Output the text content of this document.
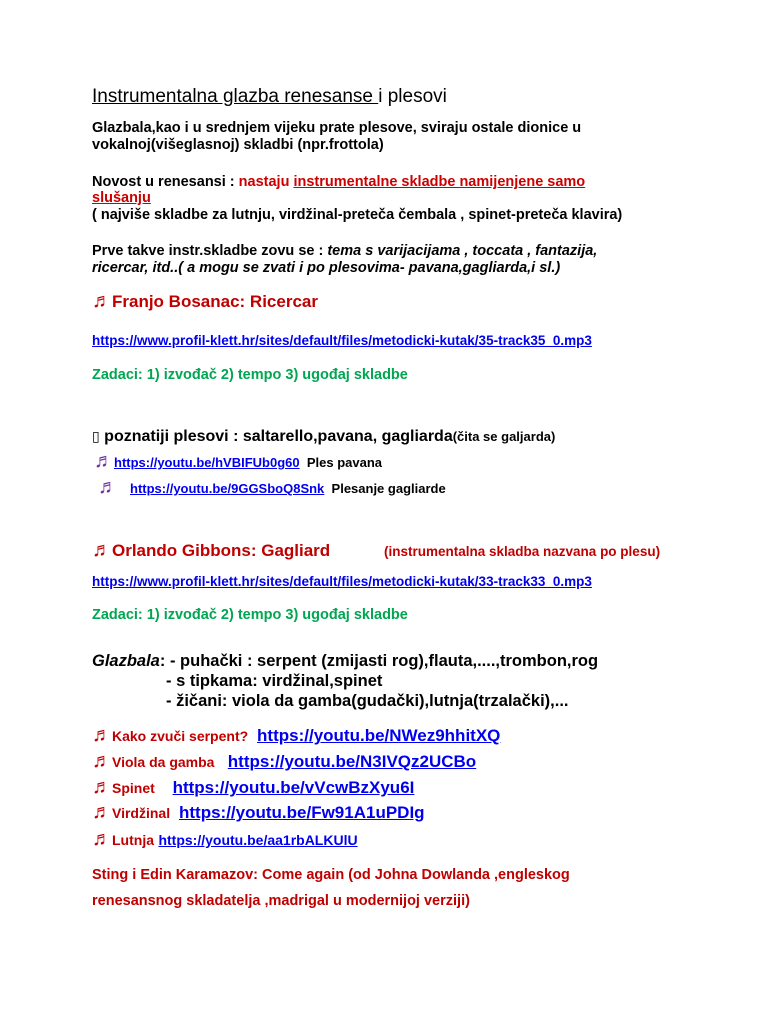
Instrumentalna glazba renesanse i plesovi
Glazbala,kao i u srednjem vijeku prate plesove, sviraju ostale dionice u
vokalnoj(višeglasnoj) skladbi (npr.frottola)
Novost u renesansi : nastaju instrumentalne skladbe namijenjene samo
slušanju
( najviše skladbe za lutnju, virdžinal-preteča čembala , spinet-preteča klavira)
Prve takve instr.skladbe zovu se : tema s varijacijama , toccata , fantazija,
ricercar, itd..( a mogu se zvati i po plesovima- pavana,gagliarda,i sl.)
♬Franjo Bosanac: Ricercar
https://www.profil-klett.hr/sites/default/files/metodicki-kutak/35-track35_0.mp3
Zadaci: 1) izvođač 2) tempo 3) ugođaj skladbe
▯ poznatiji plesovi : saltarello,pavana, gagliarda(čita se galjarda)
♬https://youtu.be/hVBIFUb0g60 Ples pavana
♬ https://youtu.be/9GGSboQ8Snk Plesanje gagliarde
♬Orlando Gibbons: Gagliard	(instrumentalna skladba nazvana po plesu)
https://www.profil-klett.hr/sites/default/files/metodicki-kutak/33-track33_0.mp3
Zadaci: 1) izvođač 2) tempo 3) ugođaj skladbe
Glazbala: - puhački : serpent (zmijasti rog),flauta,....,trombon,rog
- s tipkama: virdžinal,spinet
- žičani: viola da gamba(gudački),lutnja(trzalački),...
♬Kako zvuči serpent? https://youtu.be/NWez9hhitXQ
♬Viola da gamba https://youtu.be/N3IVQz2UCBo
♬Spinet https://youtu.be/vVcwBzXyu6I
♬Virdžinal https://youtu.be/Fw91A1uPDIg
♬Lutnja https://youtu.be/aa1rbALKUlU
Sting i Edin Karamazov: Come again (od Johna Dowlanda ,engleskog
renesansnog skladatelja ,madrigal u modernijoj verziji)
